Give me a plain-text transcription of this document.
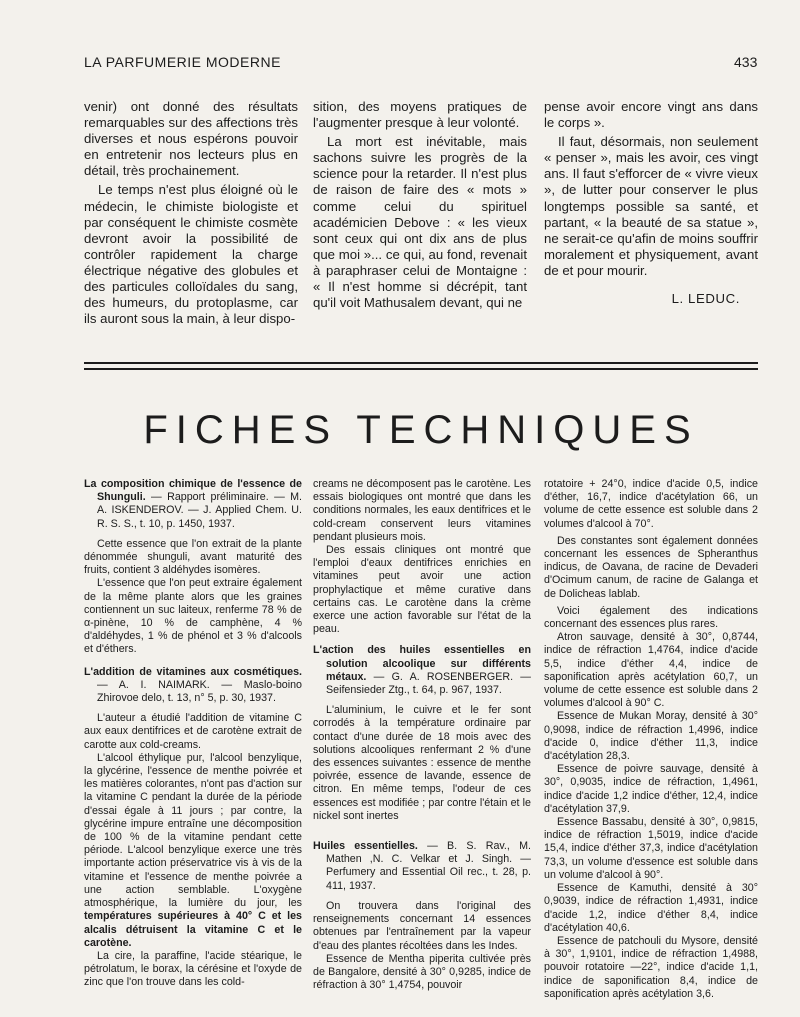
LA PARFUMERIE MODERNE	433

venir) ont donné des résultats remarquables sur des affections très diverses et nous espérons pouvoir en entretenir nos lecteurs plus en détail, très prochainement.

Le temps n'est plus éloigné où le médecin, le chimiste biologiste et par conséquent le chimiste cosmète devront avoir la possibilité de contrôler rapidement la charge électrique négative des globules et des particules colloïdales du sang, des humeurs, du protoplasme, car ils auront sous la main, à leur dispo-

sition, des moyens pratiques de l'augmenter presque à leur volonté.

La mort est inévitable, mais sachons suivre les progrès de la science pour la retarder. Il n'est plus de raison de faire des « mots » comme celui du spirituel académicien Debove : « les vieux sont ceux qui ont dix ans de plus que moi »... ce qui, au fond, revenait à paraphraser celui de Montaigne : « Il n'est homme si décrépit, tant qu'il voit Mathusalem devant, qui ne

pense avoir encore vingt ans dans le corps ».

Il faut, désormais, non seulement « penser », mais les avoir, ces vingt ans. Il faut s'efforcer de « vivre vieux », de lutter pour conserver le plus longtemps possible sa santé, et partant, « la beauté de sa statue », ne serait-ce qu'afin de moins souffrir moralement et physiquement, avant de et pour mourir.

L. LEDUC.

FICHES TECHNIQUES

La composition chimique de l'essence de Shunguli. — Rapport préliminaire. — M. A. ISKENDEROV. — J. Applied Chem. U. R. S. S., t. 10, p. 1450, 1937.

Cette essence que l'on extrait de la plante dénommée shunguli, avant maturité des fruits, contient 3 aldéhydes isomères.

L'essence que l'on peut extraire également de la même plante alors que les graines contiennent un suc laiteux, renferme 78 % de α-pinène, 10 % de camphène, 4 % d'aldéhydes, 1 % de phénol et 3 % d'alcools et d'éthers.

L'addition de vitamines aux cosmétiques. — A. I. NAIMARK. — Maslo-boino Zhirovoe delo, t. 13, n° 5, p. 30, 1937.

L'auteur a étudié l'addition de vitamine C aux eaux dentifrices et de carotène extrait de carotte aux cold-creams.

L'alcool éthylique pur, l'alcool benzylique, la glycérine, l'essence de menthe poivrée et les matières colorantes, n'ont pas d'action sur la vitamine C pendant la durée de la période d'essai égale à 11 jours ; par contre, la glycérine impure entraîne une décomposition de 100 % de la vitamine pendant cette période. L'alcool benzylique exerce une très importante action préservatrice vis à vis de la vitamine et l'essence de menthe poivrée a une action semblable. L'oxygène atmosphérique, la lumière du jour, les températures supérieures à 40° C et les alcalis détruisent la vitamine C et le carotène.

La cire, la paraffine, l'acide stéarique, le pétrolatum, le borax, la cérésine et l'oxyde de zinc que l'on trouve dans les cold-

creams ne décomposent pas le carotène. Les essais biologiques ont montré que dans les conditions normales, les eaux dentifrices et le cold-cream conservent leurs vitamines pendant plusieurs mois.

Des essais cliniques ont montré que l'emploi d'eaux dentifrices enrichies en vitamines peut avoir une action prophylactique et même curative dans certains cas. Le carotène dans la crème exerce une action favorable sur l'état de la peau.

L'action des huiles essentielles en solution alcoolique sur différents métaux. — G. A. ROSENBERGER. — Seifensieder Ztg., t. 64, p. 967, 1937.

L'aluminium, le cuivre et le fer sont corrodés à la température ordinaire par contact d'une durée de 18 mois avec des solutions alcooliques renfermant 2 % d'une des essences suivantes : essence de menthe poivrée, essence de lavande, essence de citron. En même temps, l'odeur de ces essences est modifiée ; par contre l'étain et le nickel sont inertes

Huiles essentielles. — B. S. Rav., M. Mathen ,N. C. Velkar et J. Singh. — Perfumery and Essential Oil rec., t. 28, p. 411, 1937.

On trouvera dans l'original des renseignements concernant 14 essences obtenues par l'entraînement par la vapeur d'eau des plantes récoltées dans les Indes.

Essence de Mentha piperita cultivée près de Bangalore, densité à 30° 0,9285, indice de réfraction à 30° 1,4754, pouvoir

rotatoire + 24°0, indice d'acide 0,5, indice d'éther, 16,7, indice d'acétylation 66, un volume de cette essence est soluble dans 2 volumes d'alcool à 70°.

Des constantes sont également données concernant les essences de Spheranthus indicus, de Oavana, de racine de Devaderi d'Ocimum canum, de racine de Galanga et de Dolicheas lablab.

Voici également des indications concernant des essences plus rares.

Atron sauvage, densité à 30°, 0,8744, indice de réfraction 1,4764, indice d'acide 5,5, indice d'éther 4,4, indice de saponification après acétylation 60,7, un volume de cette essence est soluble dans 2 volumes d'alcool à 90° C.

Essence de Mukan Moray, densité à 30° 0,9098, indice de réfraction 1,4996, indice d'acide 0, indice d'éther 11,3, indice d'acétylation 28,3.

Essence de poivre sauvage, densité à 30°, 0,9035, indice de réfraction, 1,4961, indice d'acide 1,2 indice d'éther, 12,4, indice d'acétylation 37,9.

Essence Bassabu, densité à 30°, 0,9815, indice de réfraction 1,5019, indice d'acide 15,4, indice d'éther 37,3, indice d'acétylation 73,3, un volume d'essence est soluble dans un volume d'alcool à 90°.

Essence de Kamuthi, densité à 30° 0,9039, indice de réfraction 1,4931, indice d'acide 1,2, indice d'éther 8,4, indice d'acétylation 40,6.

Essence de patchouli du Mysore, densité à 30°, 1,9101, indice de réfraction 1,4988, pouvoir rotatoire —22°, indice d'acide 1,1, indice de saponification 8,4, indice de saponification après acétylation 3,6.
